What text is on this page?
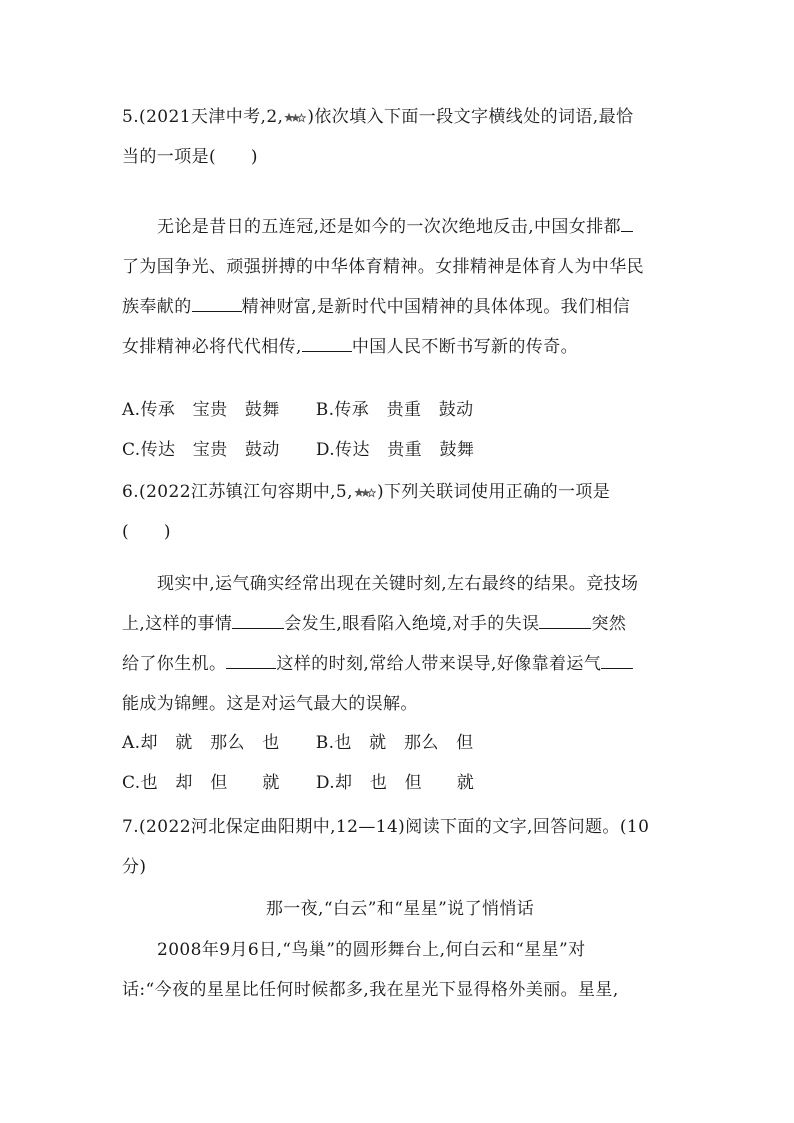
5.(2021天津中考,2, )依次填入下面一段文字横线处的词语,最恰
当的一项是(　　)
无论是昔日的五连冠,还是如今的一次次绝地反击,中国女排都
了为国争光、顽强拼搏的中华体育精神。女排精神是体育人为中华民
族奉献的	精神财富,是新时代中国精神的具体体现。我们相信
女排精神必将代代相传,	中国人民不断书写新的传奇。
A.传承　宝贵　鼓舞 B.传承　贵重　鼓动
C.传达　宝贵　鼓动 D.传达　贵重　鼓舞
6.(2022江苏镇江句容期中,5, )下列关联词使用正确的一项是
(　　)
现实中,运气确实经常出现在关键时刻,左右最终的结果。竞技场
上,这样的事情	会发生,眼看陷入绝境,对手的失误	突然
给了你生机。	这样的时刻,常给人带来误导,好像靠着运气
能成为锦鲤。这是对运气最大的误解。
A.却　就　那么　也 B.也　就　那么　但
C.也　却　但　　就 D.却　也　但　　就
7.(2022河北保定曲阳期中,12—14)阅读下面的文字,回答问题。(10
分)
那一夜,“白云”和“星星”说了悄悄话
2008年9月6日,“鸟巢”的圆形舞台上,何白云和“星星”对
话:“今夜的星星比任何时候都多,我在星光下显得格外美丽。星星,
